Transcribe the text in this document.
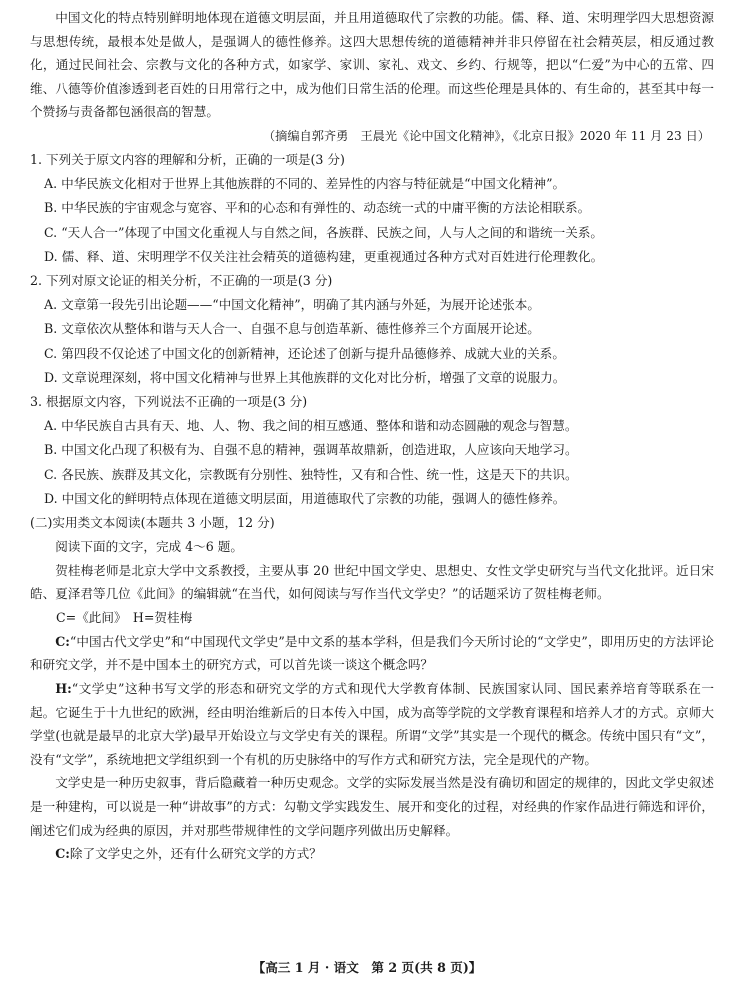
中国文化的特点特别鲜明地体现在道德文明层面，并且用道德取代了宗教的功能。儒、释、道、宋明理学四大思想资源与思想传统，最根本处是做人，是强调人的德性修养。这四大思想传统的道德精神并非只停留在社会精英层，相反通过教化，通过民间社会、宗教与文化的各种方式，如家学、家训、家礼、戏文、乡约、行规等，把以“仁爱”为中心的五常、四维、八德等价值渗透到老百姓的日用常行之中，成为他们日常生活的伦理。而这些伦理是具体的、有生命的，甚至其中每一个赞扬与责备都包涵很高的智慧。

（摘编自郭齐勇　王晨光《论中国文化精神》，《北京日报》2020 年 11 月 23 日）

1. 下列关于原文内容的理解和分析，正确的一项是(3 分)

A. 中华民族文化相对于世界上其他族群的不同的、差异性的内容与特征就是“中国文化精神”。

B. 中华民族的宇宙观念与宽容、平和的心态和有弹性的、动态统一式的中庸平衡的方法论相联系。

C. “天人合一”体现了中国文化重视人与自然之间，各族群、民族之间，人与人之间的和谐统一关系。

D. 儒、释、道、宋明理学不仅关注社会精英的道德构建，更重视通过各种方式对百姓进行伦理教化。

2. 下列对原文论证的相关分析，不正确的一项是(3 分)

A. 文章第一段先引出论题——“中国文化精神”，明确了其内涵与外延，为展开论述张本。

B. 文章依次从整体和谐与天人合一、自强不息与创造革新、德性修养三个方面展开论述。

C. 第四段不仅论述了中国文化的创新精神，还论述了创新与提升品德修养、成就大业的关系。

D. 文章说理深刻，将中国文化精神与世界上其他族群的文化对比分析，增强了文章的说服力。

3. 根据原文内容，下列说法不正确的一项是(3 分)

A. 中华民族自古具有天、地、人、物、我之间的相互感通、整体和谐和动态圆融的观念与智慧。

B. 中国文化凸现了积极有为、自强不息的精神，强调革故鼎新，创造进取，人应该向天地学习。

C. 各民族、族群及其文化，宗教既有分别性、独特性，又有和合性、统一性，这是天下的共识。

D. 中国文化的鲜明特点体现在道德文明层面，用道德取代了宗教的功能，强调人的德性修养。

(二)实用类文本阅读(本题共 3 小题，12 分)

阅读下面的文字，完成 4～6 题。

贺桂梅老师是北京大学中文系教授，主要从事 20 世纪中国文学史、思想史、女性文学史研究与当代文化批评。近日宋皓、夏泽君等几位《此间》的编辑就“在当代，如何阅读与写作当代文学史？”的话题采访了贺桂梅老师。

C=《此间》　H=贺桂梅

C:“中国古代文学史”和“中国现代文学史”是中文系的基本学科，但是我们今天所讨论的“文学史”，即用历史的方法评论和研究文学，并不是中国本土的研究方式，可以首先谈一谈这个概念吗？

H:“文学史”这种书写文学的形态和研究文学的方式和现代大学教育体制、民族国家认同、国民素养培育等联系在一起。它诞生于十九世纪的欧洲，经由明治维新后的日本传入中国，成为高等学院的文学教育课程和培养人才的方式。京师大学堂(也就是最早的北京大学)最早开始设立与文学史有关的课程。所谓“文学”其实是一个现代的概念。传统中国只有“文”，没有“文学”，系统地把文学组织到一个有机的历史脉络中的写作方式和研究方法，完全是现代的产物。

文学史是一种历史叙事，背后隐藏着一种历史观念。文学的实际发展当然是没有确切和固定的规律的，因此文学史叙述是一种建构，可以说是一种“讲故事”的方式：勾勒文学实践发生、展开和变化的过程，对经典的作家作品进行筛选和评价，阐述它们成为经典的原因，并对那些带规律性的文学问题序列做出历史解释。

C:除了文学史之外，还有什么研究文学的方式？

【高三 1 月 · 语文　第 2 页(共 8 页)】
